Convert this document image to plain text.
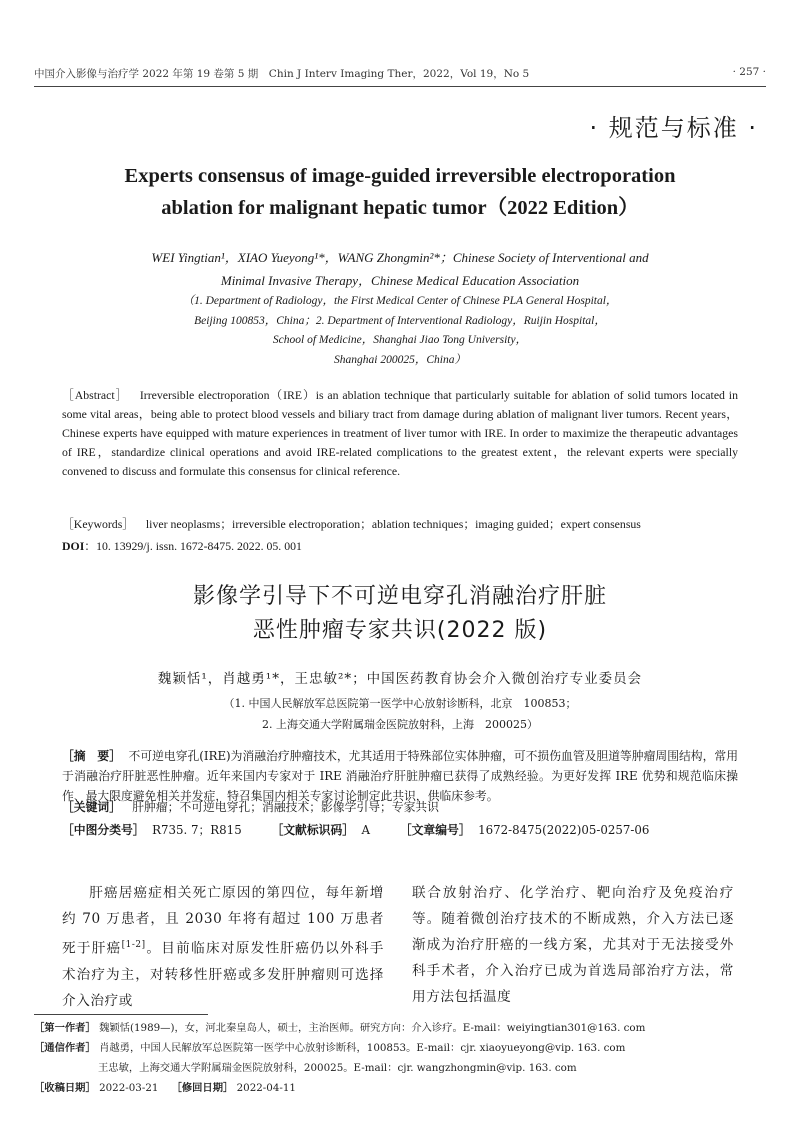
中国介入影像与治疗学 2022 年第 19 卷第 5 期　Chin J Interv Imaging Ther，2022，Vol 19，No 5	· 257 ·
· 规范与标准 ·
Experts consensus of image-guided irreversible electroporation
ablation for malignant hepatic tumor（2022 Edition）
WEI Yingtian¹，XIAO Yueyong¹*，WANG Zhongmin²*；Chinese Society of Interventional and
Minimal Invasive Therapy，Chinese Medical Education Association
（1. Department of Radiology，the First Medical Center of Chinese PLA General Hospital，
Beijing 100853，China；2. Department of Interventional Radiology，Ruijin Hospital，
School of Medicine，Shanghai Jiao Tong University，
Shanghai 200025，China）
［Abstract］ Irreversible electroporation（IRE）is an ablation technique that particularly suitable for ablation of solid tumors located in some vital areas，being able to protect blood vessels and biliary tract from damage during ablation of malignant liver tumors. Recent years，Chinese experts have equipped with mature experiences in treatment of liver tumor with IRE. In order to maximize the therapeutic advantages of IRE，standardize clinical operations and avoid IRE-related complications to the greatest extent，the relevant experts were specially convened to discuss and formulate this consensus for clinical reference.
［Keywords］ liver neoplasms；irreversible electroporation；ablation techniques；imaging guided；expert consensus
DOI：10. 13929/j. issn. 1672-8475. 2022. 05. 001
影像学引导下不可逆电穿孔消融治疗肝脏
恶性肿瘤专家共识(2022 版)
魏颖恬¹，肖越勇¹*，王忠敏²*；中国医药教育协会介入微创治疗专业委员会
（1. 中国人民解放军总医院第一医学中心放射诊断科，北京　100853；
2. 上海交通大学附属瑞金医院放射科，上海　200025）
［摘　要］ 不可逆电穿孔(IRE)为消融治疗肿瘤技术，尤其适用于特殊部位实体肿瘤，可不损伤血管及胆道等肿瘤周围结构，常用于消融治疗肝脏恶性肿瘤。近年来国内专家对于 IRE 消融治疗肝脏肿瘤已获得了成熟经验。为更好发挥 IRE 优势和规范临床操作、最大限度避免相关并发症，特召集国内相关专家讨论制定此共识，供临床参考。
［关键词］ 肝肿瘤；不可逆电穿孔；消融技术；影像学引导；专家共识
［中图分类号］ R735. 7；R815	［文献标识码］ A	［文章编号］ 1672-8475(2022)05-0257-06
肝癌居癌症相关死亡原因的第四位，每年新增约 70 万患者，且 2030 年将有超过 100 万患者死于肝癌[1-2]。目前临床对原发性肝癌仍以外科手术治疗为主，对转移性肝癌或多发肝肿瘤则可选择介入治疗或
联合放射治疗、化学治疗、靶向治疗及免疫治疗等。随着微创治疗技术的不断成熟，介入方法已逐渐成为治疗肝癌的一线方案，尤其对于无法接受外科手术者，介入治疗已成为首选局部治疗方法，常用方法包括温度
［第一作者］ 魏颖恬(1989—)，女，河北秦皇岛人，硕士，主治医师。研究方向：介入诊疗。E-mail：weiyingtian301@163. com
［通信作者］ 肖越勇，中国人民解放军总医院第一医学中心放射诊断科，100853。E-mail：cjr. xiaoyueyong@vip. 163. com
王忠敏，上海交通大学附属瑞金医院放射科，200025。E-mail：cjr. wangzhongmin@vip. 163. com
［收稿日期］ 2022-03-21 ［修回日期］ 2022-04-11
